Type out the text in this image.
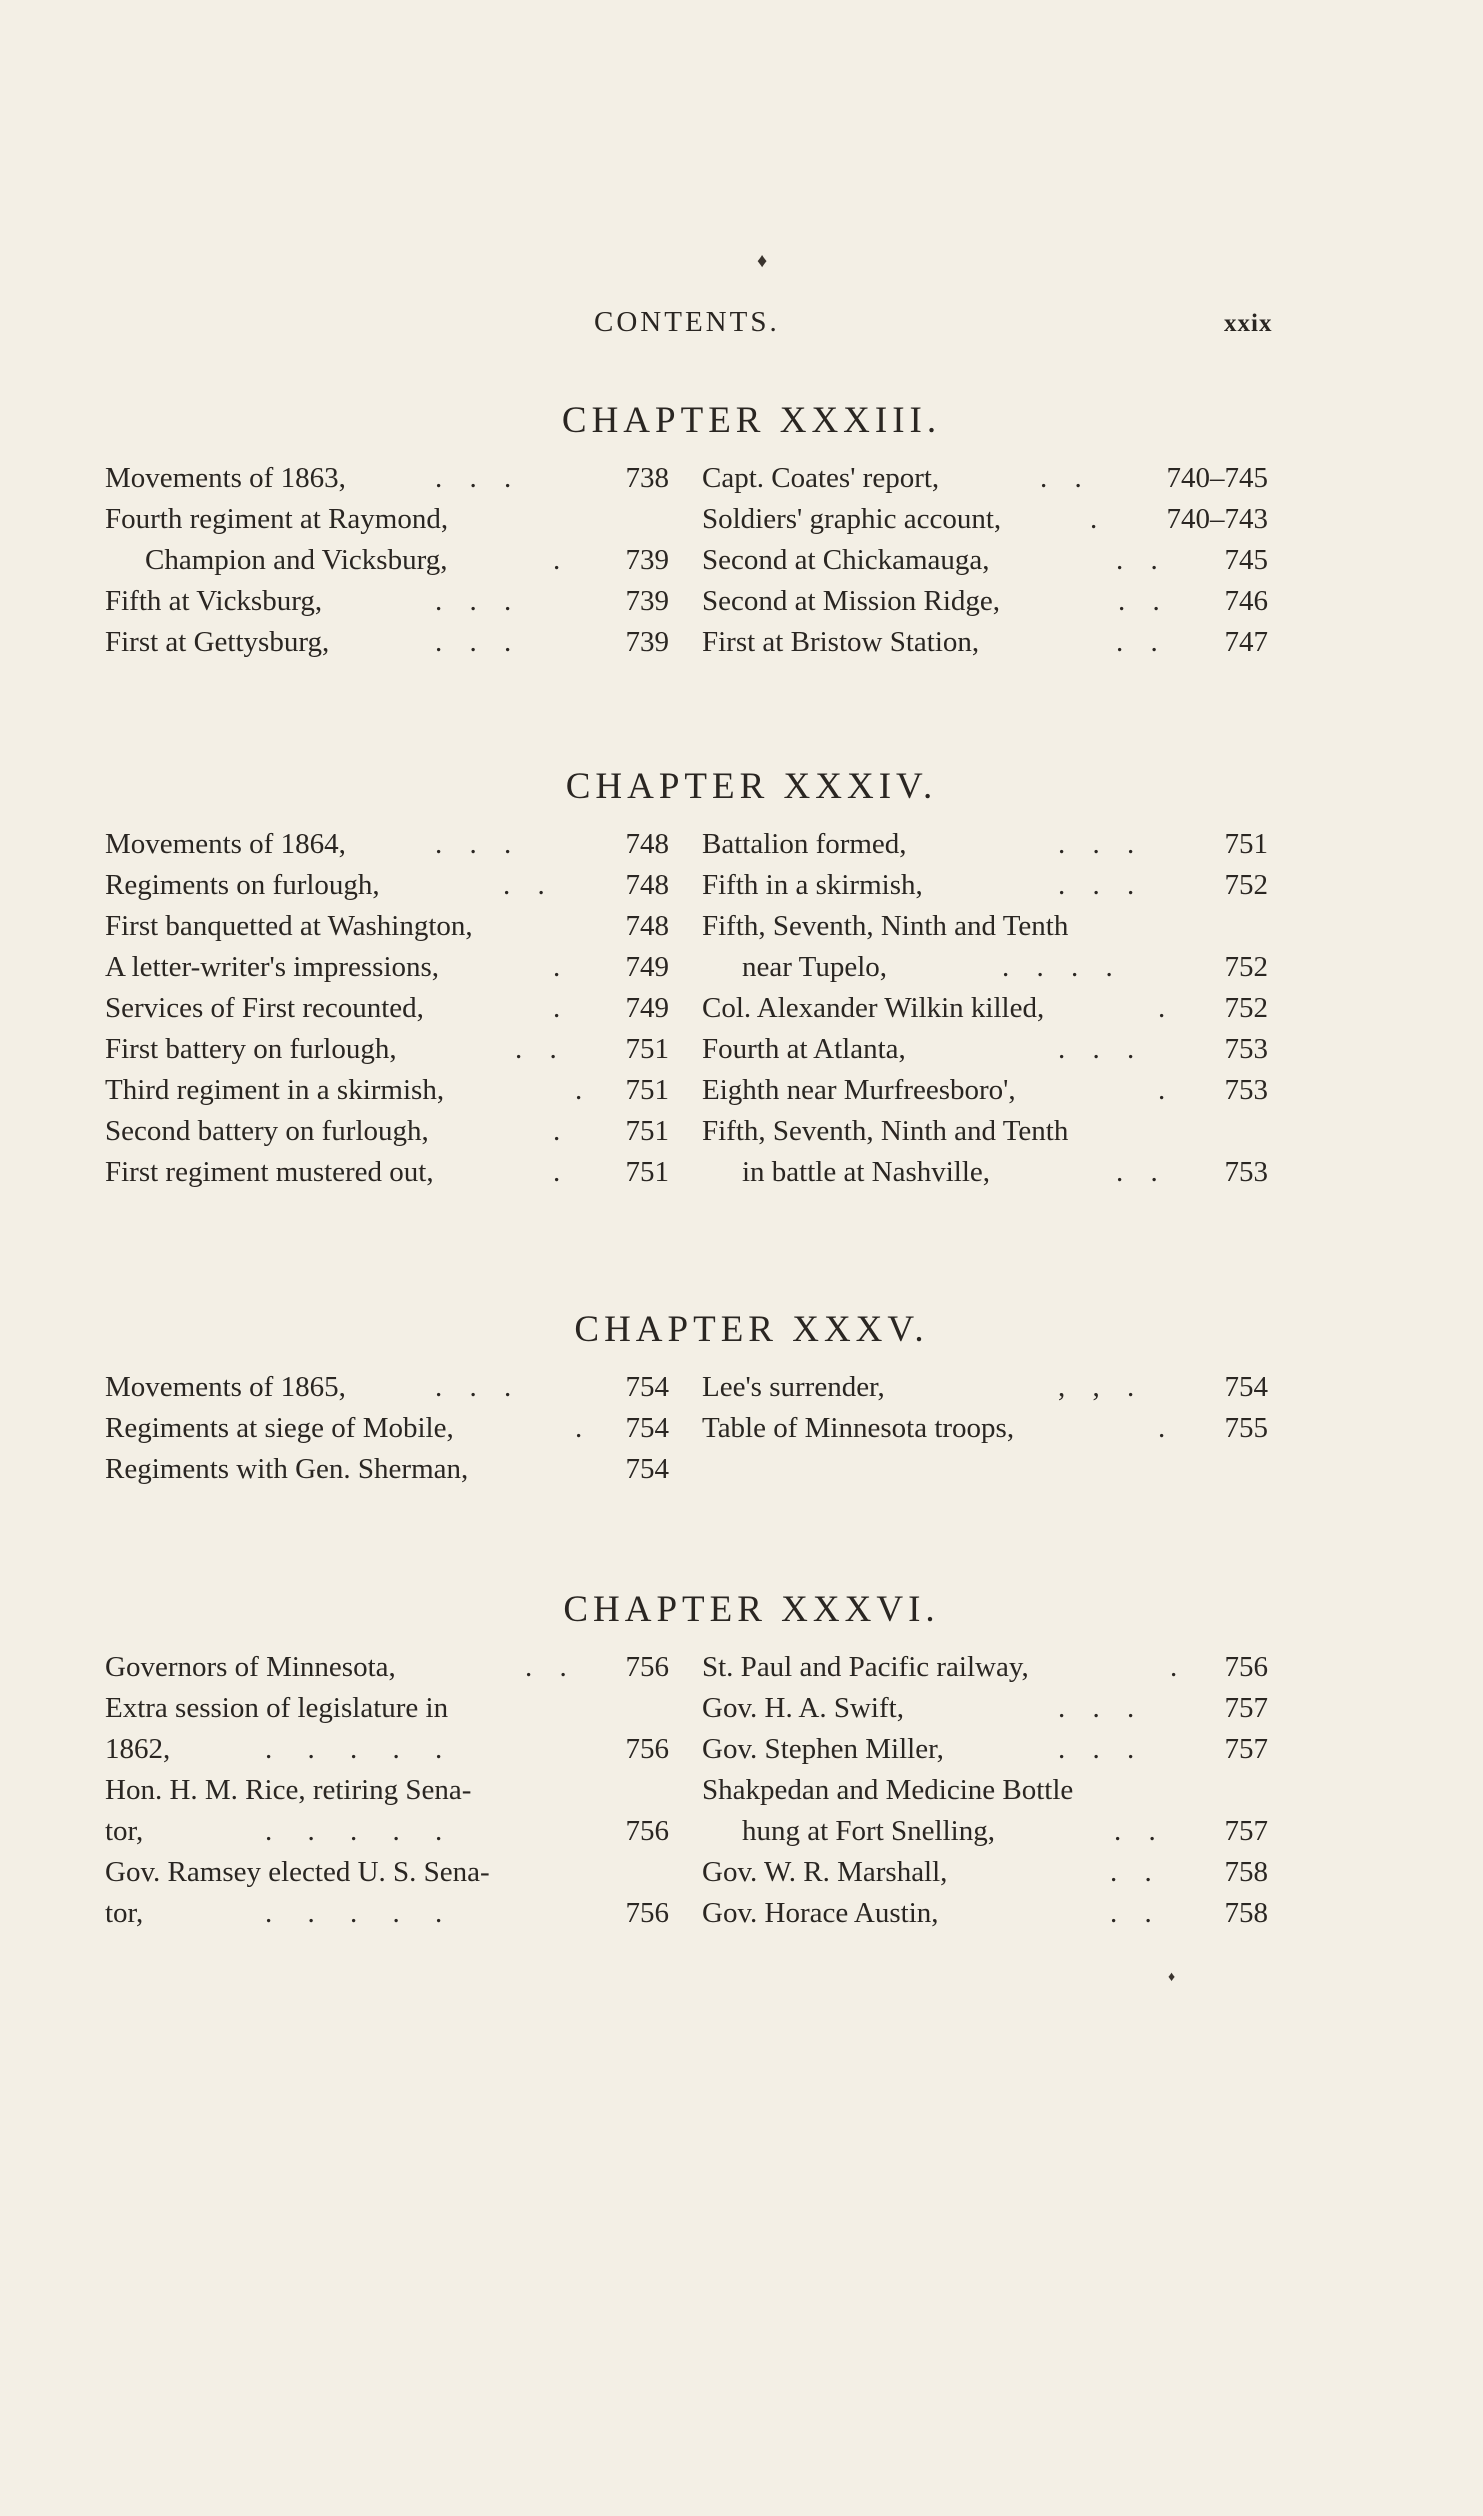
♦
♦
CONTENTS.	xxix
CHAPTER XXXIII.
Movements of 1863,	. . .	738
Fourth regiment at Raymond,
Champion and Vicksburg,	. 739
Fifth at Vicksburg,	. . .	739
First at Gettysburg,	. . .	739
Capt. Coates' report,	. .	740–745
Soldiers' graphic account,	. 740–743
Second at Chickamauga,	. . 745
Second at Mission Ridge,	. . 746
First at Bristow Station,	. . 747
CHAPTER XXXIV.
Movements of 1864,	. . .	748
Regiments on furlough,	. . 748
First banquetted at Washington,	748
A letter-writer's impressions,	. 749
Services of First recounted,	. 749
First battery on furlough,	. . 751
Third regiment in a skirmish,	. 751
Second battery on furlough,	. 751
First regiment mustered out,	. 751
Battalion formed,	. . .	751
Fifth in a skirmish,	. . .	752
Fifth, Seventh, Ninth and Tenth
near Tupelo,	. . . .	752
Col. Alexander Wilkin killed,	. 752
Fourth at Atlanta,	. . .	753
Eighth near Murfreesboro',	. 753
Fifth, Seventh, Ninth and Tenth
in battle at Nashville,	. . 753
CHAPTER XXXV.
Movements of 1865,	. . .	754
Regiments at siege of Mobile,	. 754
Regiments with Gen. Sherman,	754
Lee's surrender,	, , .	754
Table of Minnesota troops,	. 755
CHAPTER XXXVI.
Governors of Minnesota,	. . 756
Extra session of legislature in
1862,	. . . . .	756
Hon. H. M. Rice, retiring Sena-
tor,	. . . . .	756
Gov. Ramsey elected U. S. Sena-
tor,	. . . . .	756
St. Paul and Pacific railway,	. 756
Gov. H. A. Swift,	. . .	757
Gov. Stephen Miller,	. . .	757
Shakpedan and Medicine Bottle
hung at Fort Snelling,	. . 757
Gov. W. R. Marshall,	. . 758
Gov. Horace Austin,	. . 758
